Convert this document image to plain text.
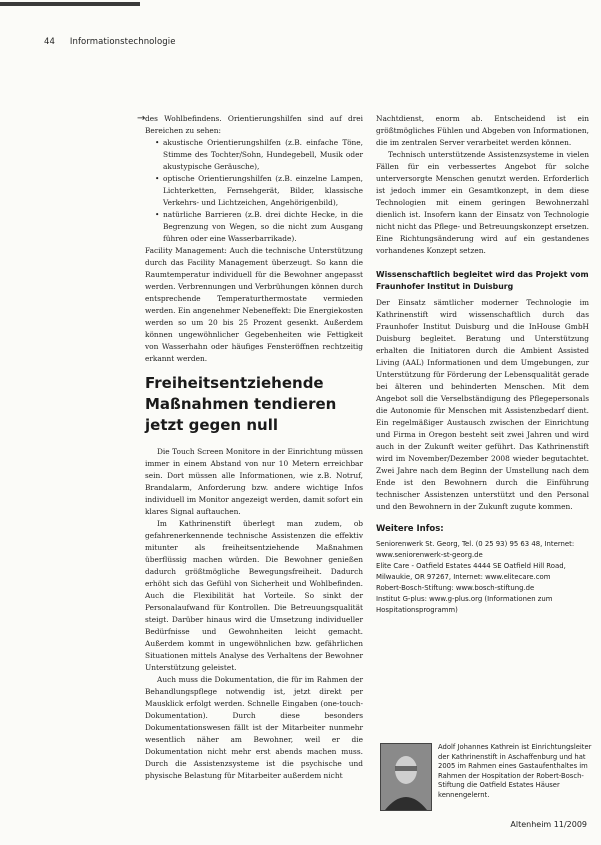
44 Informationstechnologie
→ des Wohlbefindens. Orientierungshilfen sind auf drei Bereichen zu sehen:

• akustische Orientierungshilfen (z.B. einfache Töne, Stimme des Tochter/Sohn, Hundegebell, Musik oder akustypische Geräusche),
• optische Orientierungshilfen (z.B. einzelne Lampen, Lichterketten, Fernsehgerät, Bilder, klassische Verkehrs- und Lichtzeichen, Angehörigenbild),
• natürliche Barrieren (z.B. drei dichte Hecke, in die Begrenzung von Wegen, so die nicht zum Ausgang führen oder eine Wasserbarrikade).

Facility Management: Auch die technische Unterstützung durch das Facility Management überzeugt. So kann die Raumtemperatur individuell für die Bewohner angepasst werden. Verbrennungen und Verbrühungen können durch entsprechende Temperaturthermostate vermieden werden. Ein angenehmer Nebeneffekt: Die Energiekosten werden so um 20 bis 25 Prozent gesenkt. Außerdem können ungewöhnlicher Gegebenheiten wie Fettigkeit von Wasserhahn oder häufiges Fensteröffnen rechtzeitig erkannt werden.

Freiheitsentziehende Maßnahmen tendieren jetzt gegen null

Die Touch Screen Monitore in der Einrichtung müssen immer in einem Abstand von nur 10 Metern erreichbar sein. Dort müssen alle Informationen, wie z.B. Notruf, Brandalarm, Anforderung bzw. andere wichtige Infos individuell im Monitor angezeigt werden, damit sofort ein klares Signal auftauchen.

Im Kathrinenstift überlegt man zudem, ob gefahrenerkennende technische Assistenzen die effektiv mitunter als freiheitsentziehende Maßnahmen überflüssig machen würden. Die Bewohner genießen dadurch größtmögliche Bewegungsfreiheit. Dadurch erhöht sich das Gefühl von Sicherheit und Wohlbefinden. Auch die Flexibilität hat Vorteile. So sinkt der Personalaufwand für Kontrollen. Die Betreuungsqualität steigt. Darüber hinaus wird die Umsetzung individueller Bedürfnisse und Gewohnheiten leicht gemacht. Außerdem kommt in ungewöhnlichen bzw. gefährlichen Situationen mittels Analyse des Verhaltens der Bewohner Unterstützung geleistet.

Auch muss die Dokumentation, die für im Rahmen der Behandlungspflege notwendig ist, jetzt direkt per Mausklick erfolgt werden. Schnelle Eingaben (one-touch-Dokumentation). Durch diese besonders Dokumentationswesen fällt ist der Mitarbeiter nunmehr wesentlich näher am Bewohner, weil er die Dokumentation nicht mehr erst abends machen muss. Durch die Assistenzsysteme ist die psychische und physische Belastung für Mitarbeiter außerdem nicht

Nachtdienst, enorm ab. Entscheidend ist ein größtmögliches Fühlen und Abgeben von Informationen, die im zentralen Server verarbeitet werden können.

Technisch unterstützende Assistenzsysteme in vielen Fällen für ein verbessertes Angebot für solche unterversorgte Menschen genutzt werden. Erforderlich ist jedoch immer ein Gesamtkonzept, in dem diese Technologien mit einem geringen Bewohnerzahl dienlich ist. Insofern kann der Einsatz von Technologie nicht nicht das Pflege- und Betreuungskonzept ersetzen. Eine Richtungsänderung wird auf ein gestandenes vorhandenes Konzept setzen.

Wissenschaftlich begleitet wird das Projekt vom Fraunhofer Institut in Duisburg

Der Einsatz sämtlicher moderner Technologie im Kathrinenstift wird wissenschaftlich durch das Fraunhofer Institut Duisburg und die InHouse GmbH Duisburg begleitet. Beratung und Unterstützung erhalten die Initiatoren durch die Ambient Assisted Living (AAL) Informationen und dem Umgebungen, zur Unterstützung für Förderung der Lebensqualität gerade bei älteren und behinderten Menschen. Mit dem Angebot soll die Verselbständigung des Pflegepersonals die Autonomie für Menschen mit Assistenzbedarf dient. Ein regelmäßiger Austausch zwischen der Einrichtung und Firma in Oregon besteht seit zwei Jahren und wird auch in der Zukunft weiter geführt. Das Kathrinenstift wird im November/Dezember 2008 wieder begutachtet. Zwei Jahre nach dem Beginn der Umstellung nach dem Ende ist den Bewohnern durch die Einführung technischer Assistenzen unterstützt und den Personal und den Bewohnern in der Zukunft zugute kommen.

Weitere Infos:

Seniorenwerk St. Georg, Tel. (0 25 93) 95 63 48, Internet: www.seniorenwerk-st-georg.de

Elite Care - Oatfield Estates 4444 SE Oatfield Hill Road, Milwaukie, OR 97267, Internet: www.elitecare.com

Robert-Bosch-Stiftung: www.bosch-stiftung.de

Institut G-plus: www.g-plus.org (Informationen zum Hospitationsprogramm)

Adolf Johannes Kathrein ist Einrichtungsleiter der Kathrinenstift in Aschaffenburg und hat 2005 im Rahmen eines Gastaufenthaltes im Rahmen der Hospitation der Robert-Bosch-Stiftung die Oatfield Estates Häuser kennengelernt.
Altenheim 11/2009
